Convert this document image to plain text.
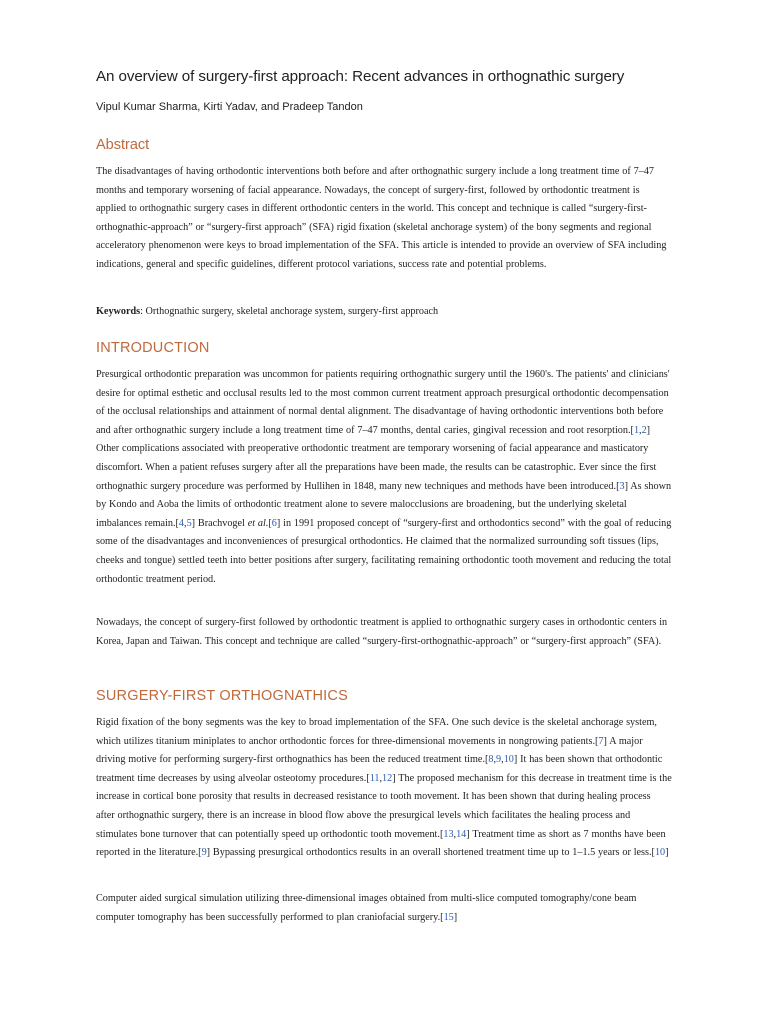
An overview of surgery-first approach: Recent advances in orthognathic surgery
Vipul Kumar Sharma, Kirti Yadav, and Pradeep Tandon
Abstract
The disadvantages of having orthodontic interventions both before and after orthognathic surgery include a long treatment time of 7–47 months and temporary worsening of facial appearance. Nowadays, the concept of surgery-first, followed by orthodontic treatment is applied to orthognathic surgery cases in different orthodontic centers in the world. This concept and technique is called “surgery-first-orthognathic-approach” or “surgery-first approach” (SFA) rigid fixation (skeletal anchorage system) of the bony segments and regional acceleratory phenomenon were keys to broad implementation of the SFA. This article is intended to provide an overview of SFA including indications, general and specific guidelines, different protocol variations, success rate and potential problems.
Keywords: Orthognathic surgery, skeletal anchorage system, surgery-first approach
INTRODUCTION
Presurgical orthodontic preparation was uncommon for patients requiring orthognathic surgery until the 1960's. The patients' and clinicians' desire for optimal esthetic and occlusal results led to the most common current treatment approach presurgical orthodontic decompensation of the occlusal relationships and attainment of normal dental alignment. The disadvantage of having orthodontic interventions both before and after orthognathic surgery include a long treatment time of 7–47 months, dental caries, gingival recession and root resorption.[1,2] Other complications associated with preoperative orthodontic treatment are temporary worsening of facial appearance and masticatory discomfort. When a patient refuses surgery after all the preparations have been made, the results can be catastrophic. Ever since the first orthognathic surgery procedure was performed by Hullihen in 1848, many new techniques and methods have been introduced.[3] As shown by Kondo and Aoba the limits of orthodontic treatment alone to severe malocclusions are broadening, but the underlying skeletal imbalances remain.[4,5] Brachvogel et al.[6] in 1991 proposed concept of “surgery-first and orthodontics second” with the goal of reducing some of the disadvantages and inconveniences of presurgical orthodontics. He claimed that the normalized surrounding soft tissues (lips, cheeks and tongue) settled teeth into better positions after surgery, facilitating remaining orthodontic tooth movement and reducing the total orthodontic treatment period.
Nowadays, the concept of surgery-first followed by orthodontic treatment is applied to orthognathic surgery cases in orthodontic centers in Korea, Japan and Taiwan. This concept and technique are called “surgery-first-orthognathic-approach” or “surgery-first approach” (SFA).
SURGERY-FIRST ORTHOGNATHICS
Rigid fixation of the bony segments was the key to broad implementation of the SFA. One such device is the skeletal anchorage system, which utilizes titanium miniplates to anchor orthodontic forces for three-dimensional movements in nongrowing patients.[7] A major driving motive for performing surgery-first orthognathics has been the reduced treatment time.[8,9,10] It has been shown that orthodontic treatment time decreases by using alveolar osteotomy procedures.[11,12] The proposed mechanism for this decrease in treatment time is the increase in cortical bone porosity that results in decreased resistance to tooth movement. It has been shown that during healing process after orthognathic surgery, there is an increase in blood flow above the presurgical levels which facilitates the healing process and stimulates bone turnover that can potentially speed up orthodontic tooth movement.[13,14] Treatment time as short as 7 months have been reported in the literature.[9] Bypassing presurgical orthodontics results in an overall shortened treatment time up to 1–1.5 years or less.[10]
Computer aided surgical simulation utilizing three-dimensional images obtained from multi-slice computed tomography/cone beam computer tomography has been successfully performed to plan craniofacial surgery.[15]
